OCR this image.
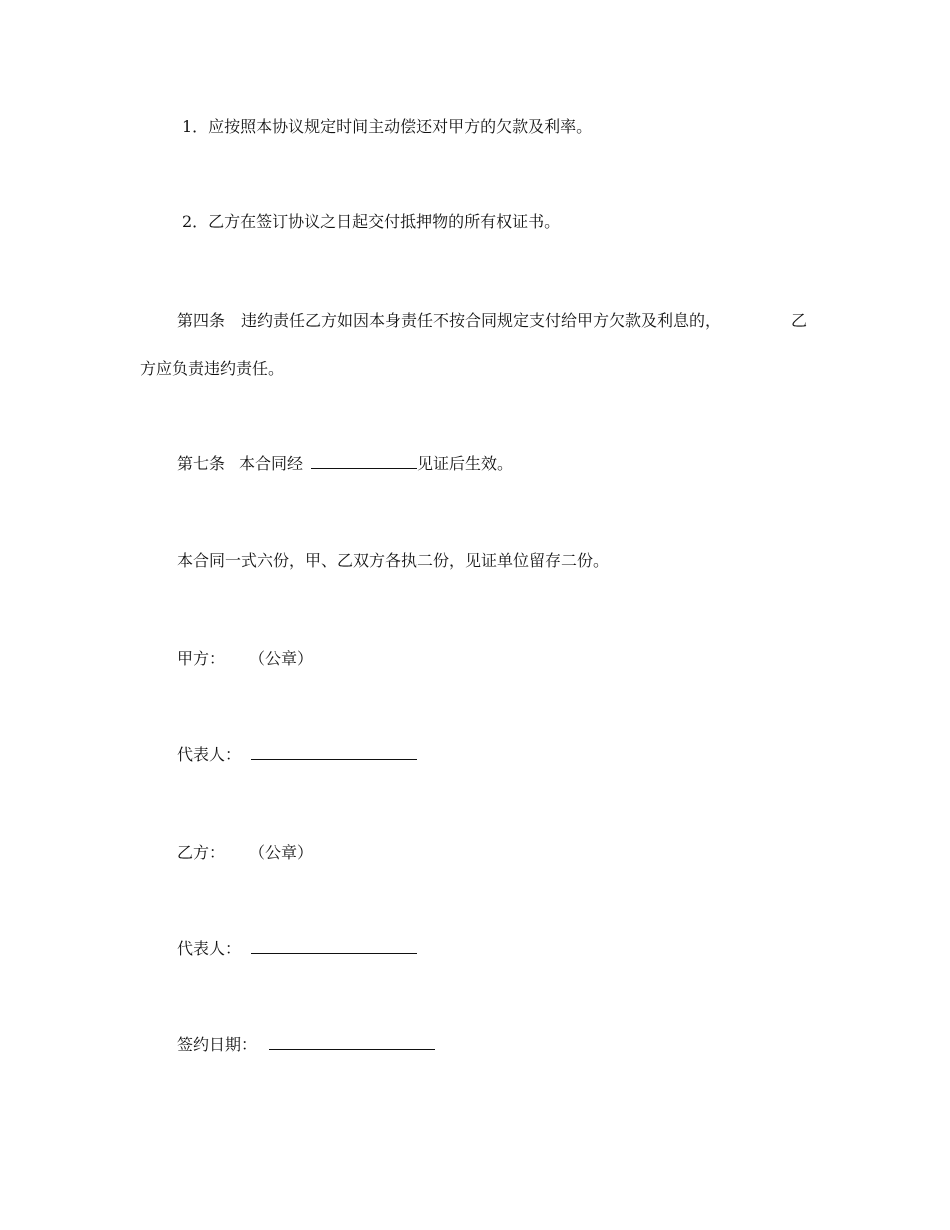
1．应按照本协议规定时间主动偿还对甲方的欠款及利率。
2．乙方在签订协议之日起交付抵押物的所有权证书。
第四条 违约责任乙方如因本身责任不按合同规定支付给甲方欠款及利息的，	乙
方应负责违约责任。
第七条 本合同经	见证后生效。
本合同一式六份，甲、乙双方各执二份，见证单位留存二份。
甲方： （公章）
代表人：
乙方： （公章）
代表人：
签约日期：
